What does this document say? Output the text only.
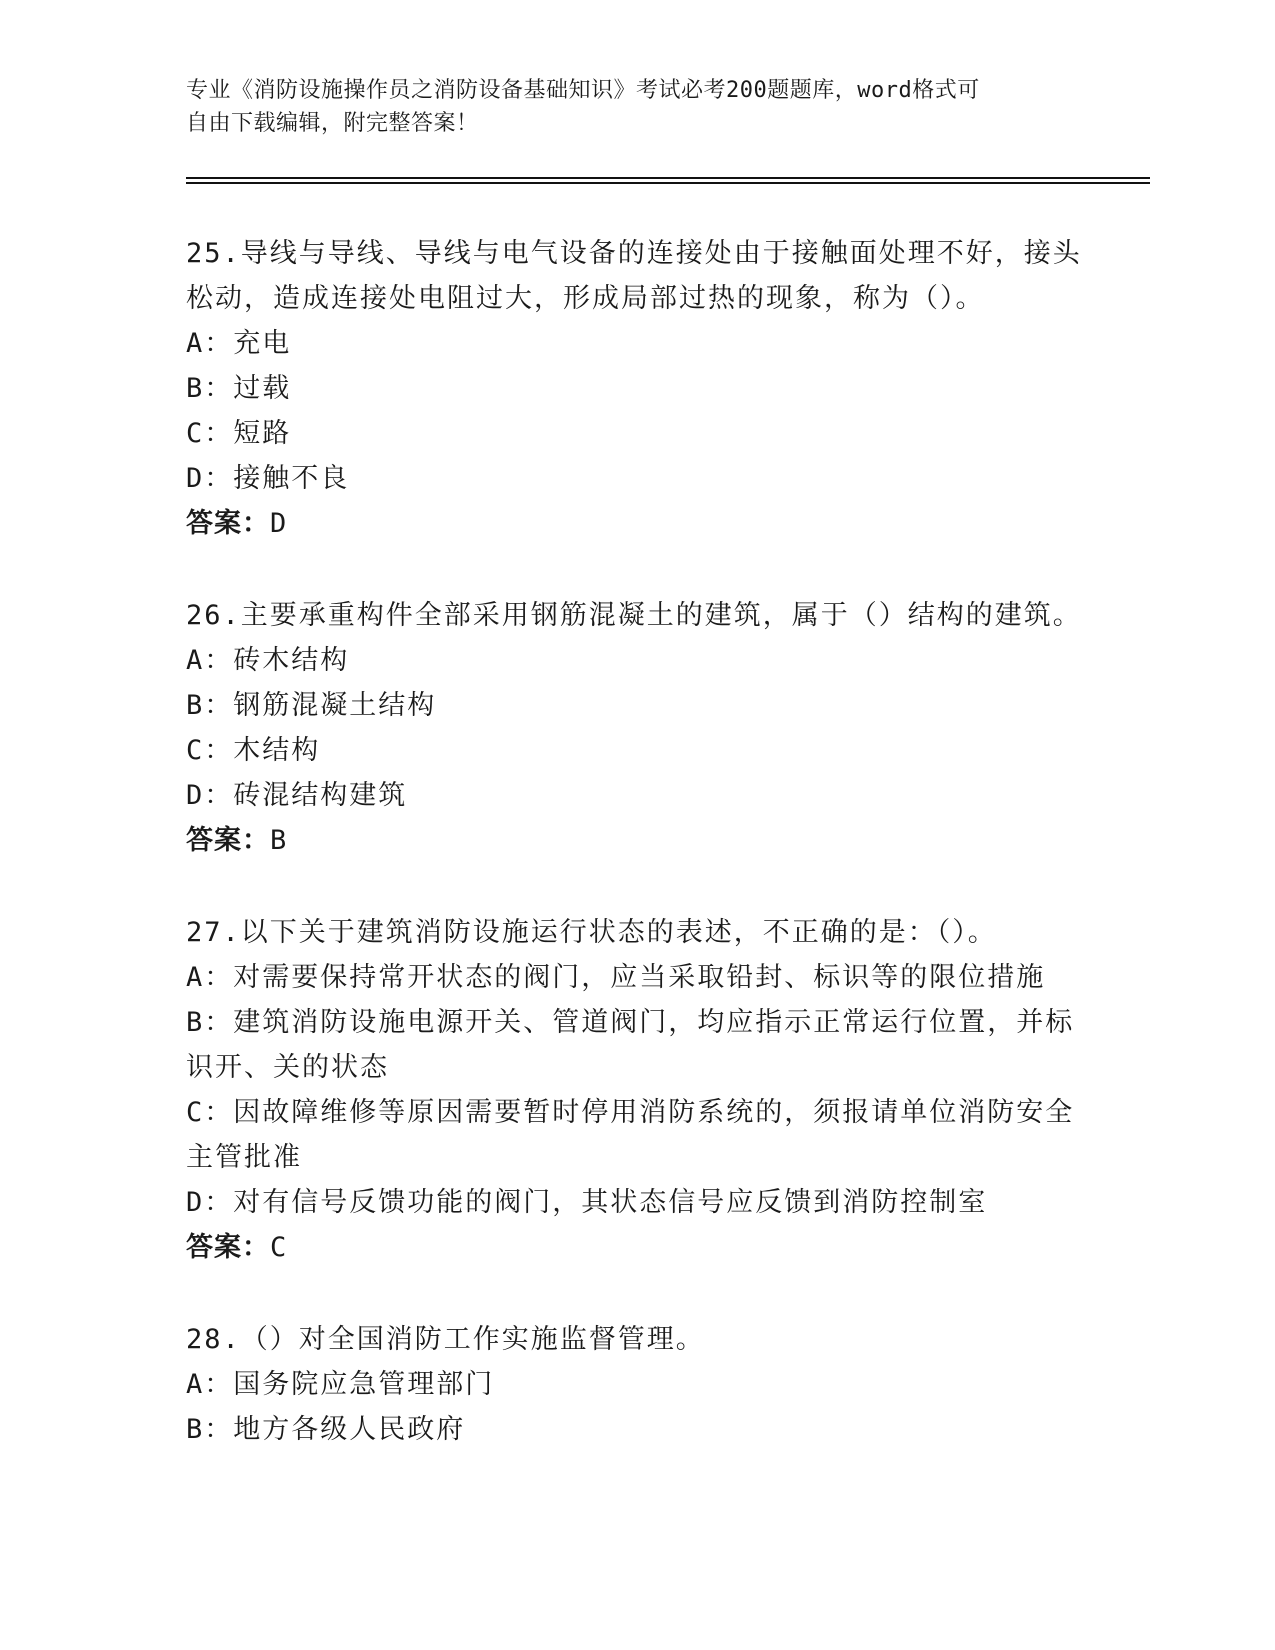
专业《消防设施操作员之消防设备基础知识》考试必考200题题库，word格式可
自由下载编辑，附完整答案！
25.导线与导线、导线与电气设备的连接处由于接触面处理不好，接头
松动，造成连接处电阻过大，形成局部过热的现象，称为（）。
A：充电
B：过载
C：短路
D：接触不良
答案：D
26.主要承重构件全部采用钢筋混凝土的建筑，属于（）结构的建筑。
A：砖木结构
B：钢筋混凝土结构
C：木结构
D：砖混结构建筑
答案：B
27.以下关于建筑消防设施运行状态的表述，不正确的是：（）。
A：对需要保持常开状态的阀门，应当采取铅封、标识等的限位措施
B：建筑消防设施电源开关、管道阀门，均应指示正常运行位置，并标
识开、关的状态
C：因故障维修等原因需要暂时停用消防系统的，须报请单位消防安全
主管批准
D：对有信号反馈功能的阀门，其状态信号应反馈到消防控制室
答案：C
28.（）对全国消防工作实施监督管理。
A：国务院应急管理部门
B：地方各级人民政府
